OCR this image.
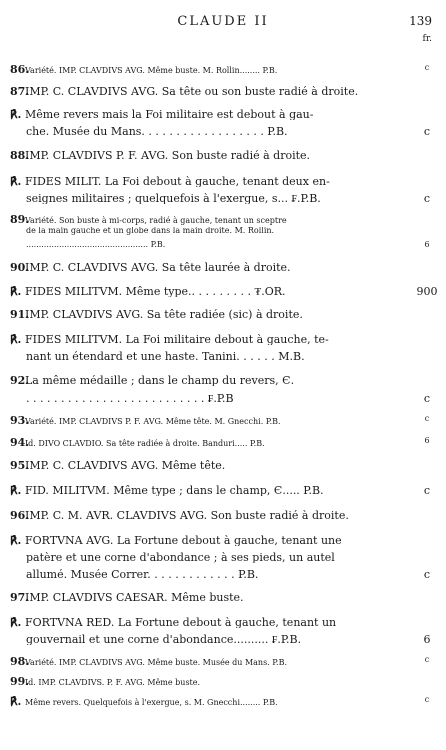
CLAUDE II	139
fr.
86.Variété. IMP. CLAVDIVS AVG. Même buste. M. Rollin........ P.B.	c
87.IMP. C. CLAVDIVS AVG. Sa tête ou son buste radié à droite.
℟. Même revers mais la Foi militaire est debout à gau-
che. Musée du Mans. . . . . . . . . . . . . . . . . . P.B.	c
88.IMP. CLAVDIVS P. F. AVG. Son buste radié à droite.
℟. FIDES MILIT. La Foi debout à gauche, tenant deux en-
seignes militaires ; quelquefois à l'exergue, s... ₣.P.B.	c
89.Variété. Son buste à mi-corps, radié à gauche, tenant un sceptre
de la main gauche et un globe dans la main droite. M. Rollin.
................................................ P.B.	6
90.IMP. C. CLAVDIVS AVG. Sa tête laurée à droite.
℟. FIDES MILITVM. Même type.. . . . . . . . . ₮.OR.	900
91.IMP. CLAVDIVS AVG. Sa tête radiée (sic) à droite.
℟. FIDES MILITVM. La Foi militaire debout à gauche, te-
nant un étendard et une haste. Tanini. . . . . . M.B.
92.La même médaille ; dans le champ du revers, Є.
. . . . . . . . . . . . . . . . . . . . . . . . . . ₣.P.B	c
93.Variété. IMP. CLAVDIVS P. F. AVG. Même tête. M. Gnecchi. P.B.	c
94.Id. DIVO CLAVDIO. Sa tête radiée à droite. Banduri..... P.B.	6
95.IMP. C. CLAVDIVS AVG. Même tête.
℟. FID. MILITVM. Même type ; dans le champ, Є..... P.B.	c
96.IMP. C. M. AVR. CLAVDIVS AVG. Son buste radié à droite.
℟. FORTVNA AVG. La Fortune debout à gauche, tenant une
patère et une corne d'abondance ; à ses pieds, un autel
allumé. Musée Correr. . . . . . . . . . . . . P.B.	c
97.IMP. CLAVDIVS CAESAR. Même buste.
℟. FORTVNA RED. La Fortune debout à gauche, tenant un
gouvernail et une corne d'abondance.......... ₣.P.B.	6
98.Variété. IMP. CLAVDIVS AVG. Même buste. Musée du Mans. P.B.	c
99.Id. IMP. CLAVDIVS. P. F. AVG. Même buste.
℟. Même revers. Quelquefois à l'exergue, s. M. Gnecchi........ P.B.	c
